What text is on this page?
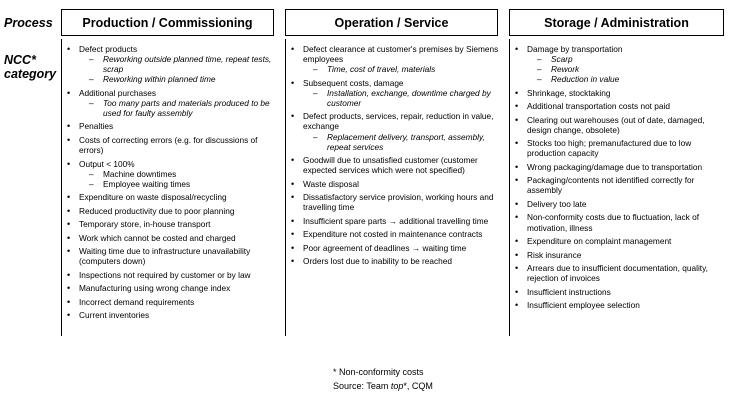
Process
NCC*
category
Production / Commissioning	Operation / Service	Storage / Administration
• Defect products
– Reworking outside planned time, repeat tests, scrap
– Reworking within planned time
• Additional purchases
– Too many parts and materials produced to be used for faulty assembly
• Penalties
• Costs of correcting errors (e.g. for discussions of errors)
• Output < 100%
– Machine downtimes
– Employee waiting times
• Expenditure on waste disposal/recycling
• Reduced productivity due to poor planning
• Temporary store, in-house transport
• Work which cannot be costed and charged
• Waiting time due to infrastructure unavailability (computers down)
• Inspections not required by customer or by law
• Manufacturing using wrong change index
• Incorrect demand requirements
• Current inventories
• Defect clearance at customer's premises by Siemens employees
– Time, cost of travel, materials
• Subsequent costs, damage
– Installation, exchange, downtime charged by customer
• Defect products, services, repair, reduction in value, exchange
– Replacement delivery, transport, assembly, repeat services
• Goodwill due to unsatisfied customer (customer expected services which were not specified)
• Waste disposal
• Dissatisfactory service provision, working hours and travelling time
• Insufficient spare parts → additional travelling time
• Expenditure not costed in maintenance contracts
• Poor agreement of deadlines → waiting time
• Orders lost due to inability to be reached
• Damage by transportation
– Scarp
– Rework
– Reduction in value
• Shrinkage, stocktaking
• Additional transportation costs not paid
• Clearing out warehouses (out of date, damaged, design change, obsolete)
• Stocks too high; premanufactured due to low production capacity
• Wrong packaging/damage due to transportation
• Packaging/contents not identified correctly for assembly
• Delivery too late
• Non-conformity costs due to fluctuation, lack of motivation, illness
• Expenditure on complaint management
• Risk insurance
• Arrears due to insufficient documentation, quality, rejection of invoices
• Insufficient instructions
• Insufficient employee selection
* Non-conformity costs
Source: Team top*, CQM
